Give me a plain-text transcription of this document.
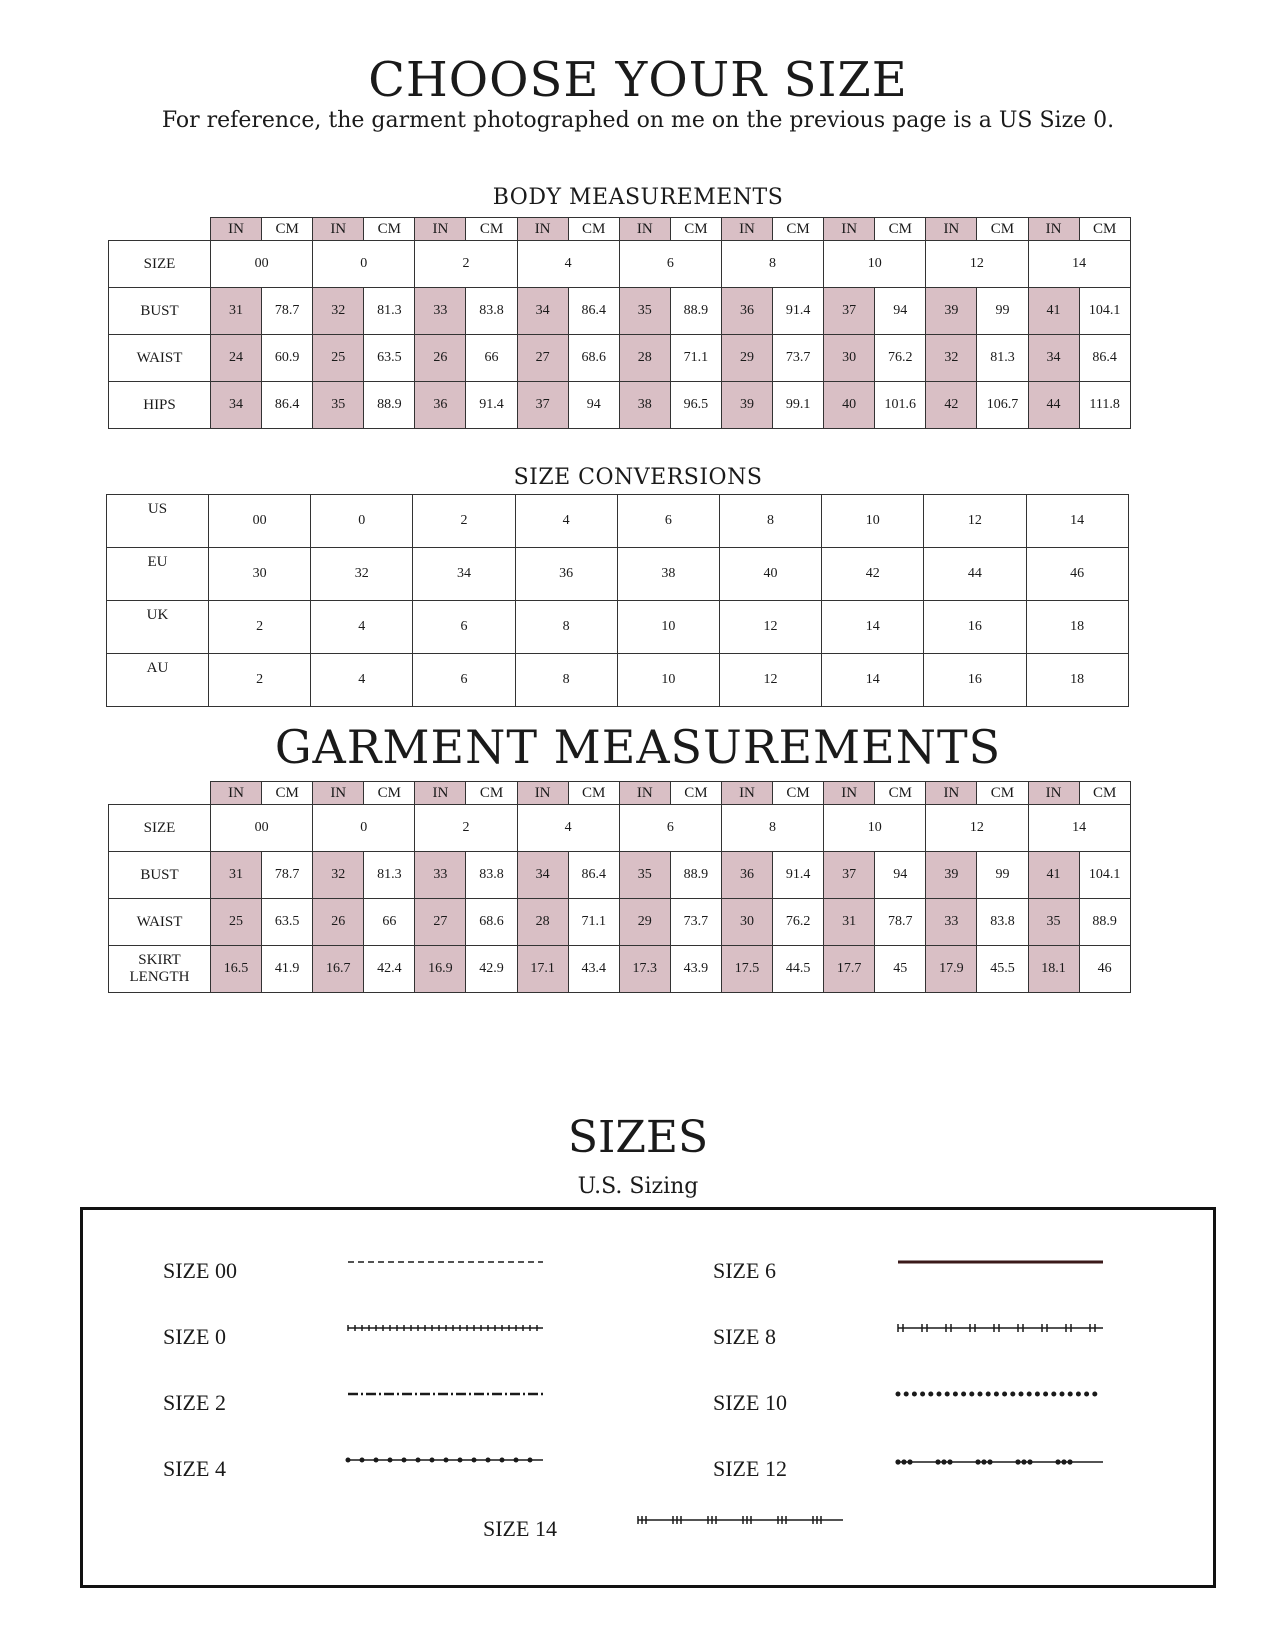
CHOOSE YOUR SIZE
For reference, the garment photographed on me on the previous page is a US Size 0.
BODY MEASUREMENTS
	IN	CM	IN	CM	IN	CM	IN	CM	IN	CM	IN	CM	IN	CM	IN	CM	IN	CM
SIZE	00		0		2		4		6		8		10		12		14	
BUST	31	78.7	32	81.3	33	83.8	34	86.4	35	88.9	36	91.4	37	94	39	99	41	104.1
WAIST	24	60.9	25	63.5	26	66	27	68.6	28	71.1	29	73.7	30	76.2	32	81.3	34	86.4
HIPS	34	86.4	35	88.9	36	91.4	37	94	38	96.5	39	99.1	40	101.6	42	106.7	44	111.8
SIZE CONVERSIONS
US	00	0	2	4	6	8	10	12	14
EU	30	32	34	36	38	40	42	44	46
UK	2	4	6	8	10	12	14	16	18
AU	2	4	6	8	10	12	14	16	18
GARMENT MEASUREMENTS
	IN	CM	IN	CM	IN	CM	IN	CM	IN	CM	IN	CM	IN	CM	IN	CM	IN	CM
SIZE	00		0		2		4		6		8		10		12		14	
BUST	31	78.7	32	81.3	33	83.8	34	86.4	35	88.9	36	91.4	37	94	39	99	41	104.1
WAIST	25	63.5	26	66	27	68.6	28	71.1	29	73.7	30	76.2	31	78.7	33	83.8	35	88.9
SKIRT LENGTH	16.5	41.9	16.7	42.4	16.9	42.9	17.1	43.4	17.3	43.9	17.5	44.5	17.7	45	17.9	45.5	18.1	46
SIZES
U.S. Sizing
SIZE 00
SIZE 0
SIZE 2
SIZE 4
SIZE 6
SIZE 8
SIZE 10
SIZE 12
SIZE 14
